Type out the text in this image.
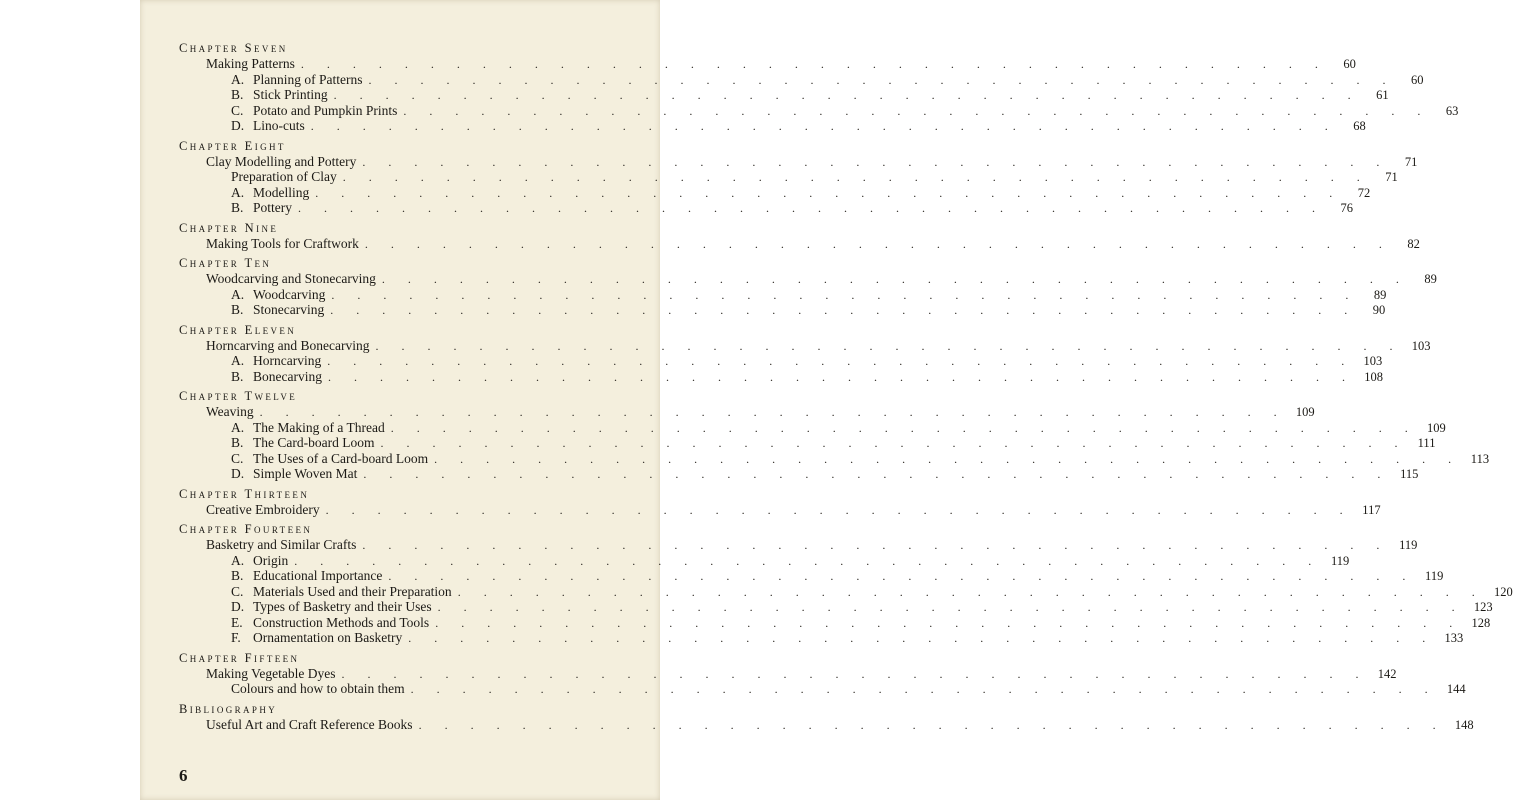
Chapter Seven
Making Patterns . . . . . . . . . . . . . . . . . . . . . . . . . . . . . . . . . . . . . . . .	60
A. Planning of Patterns . . . . . . . . . . . . . . . . . . . . . . . . . . . . . . . . . . . . . . . .	60
B. Stick Printing . . . . . . . . . . . . . . . . . . . . . . . . . . . . . . . . . . . . . . . .	61
C. Potato and Pumpkin Prints . . . . . . . . . . . . . . . . . . . . . . . . . . . . . . . . . . . . . . . .	63
D. Lino-cuts . . . . . . . . . . . . . . . . . . . . . . . . . . . . . . . . . . . . . . . .	68
Chapter Eight
Clay Modelling and Pottery . . . . . . . . . . . . . . . . . . . . . . . . . . . . . . . . . . . . . . . .	71
Preparation of Clay . . . . . . . . . . . . . . . . . . . . . . . . . . . . . . . . . . . . . . . .	71
A. Modelling . . . . . . . . . . . . . . . . . . . . . . . . . . . . . . . . . . . . . . . .	72
B. Pottery . . . . . . . . . . . . . . . . . . . . . . . . . . . . . . . . . . . . . . . .	76
Chapter Nine
Making Tools for Craftwork . . . . . . . . . . . . . . . . . . . . . . . . . . . . . . . . . . . . . . . .	82
Chapter Ten
Woodcarving and Stonecarving . . . . . . . . . . . . . . . . . . . . . . . . . . . . . . . . . . . . . . . .	89
A. Woodcarving . . . . . . . . . . . . . . . . . . . . . . . . . . . . . . . . . . . . . . . .	89
B. Stonecarving . . . . . . . . . . . . . . . . . . . . . . . . . . . . . . . . . . . . . . . .	90
Chapter Eleven
Horncarving and Bonecarving . . . . . . . . . . . . . . . . . . . . . . . . . . . . . . . . . . . . . . . . 103
A. Horncarving . . . . . . . . . . . . . . . . . . . . . . . . . . . . . . . . . . . . . . . . 103
B. Bonecarving . . . . . . . . . . . . . . . . . . . . . . . . . . . . . . . . . . . . . . . . 108
Chapter Twelve
Weaving . . . . . . . . . . . . . . . . . . . . . . . . . . . . . . . . . . . . . . . . 109
A. The Making of a Thread . . . . . . . . . . . . . . . . . . . . . . . . . . . . . . . . . . . . . . . . 109
B. The Card-board Loom . . . . . . . . . . . . . . . . . . . . . . . . . . . . . . . . . . . . . . . . 111
C. The Uses of a Card-board Loom . . . . . . . . . . . . . . . . . . . . . . . . . . . . . . . . . . . . . . . . 113
D. Simple Woven Mat . . . . . . . . . . . . . . . . . . . . . . . . . . . . . . . . . . . . . . . . 115
Chapter Thirteen
Creative Embroidery . . . . . . . . . . . . . . . . . . . . . . . . . . . . . . . . . . . . . . . . 117
Chapter Fourteen
Basketry and Similar Crafts . . . . . . . . . . . . . . . . . . . . . . . . . . . . . . . . . . . . . . . . 119
A. Origin . . . . . . . . . . . . . . . . . . . . . . . . . . . . . . . . . . . . . . . . 119
B. Educational Importance . . . . . . . . . . . . . . . . . . . . . . . . . . . . . . . . . . . . . . . . 119
C. Materials Used and their Preparation . . . . . . . . . . . . . . . . . . . . . . . . . . . . . . . . . . . . . . . . 120
D. Types of Basketry and their Uses . . . . . . . . . . . . . . . . . . . . . . . . . . . . . . . . . . . . . . . . 123
E. Construction Methods and Tools . . . . . . . . . . . . . . . . . . . . . . . . . . . . . . . . . . . . . . . . 128
F. Ornamentation on Basketry . . . . . . . . . . . . . . . . . . . . . . . . . . . . . . . . . . . . . . . . 133
Chapter Fifteen
Making Vegetable Dyes . . . . . . . . . . . . . . . . . . . . . . . . . . . . . . . . . . . . . . . . 142
Colours and how to obtain them . . . . . . . . . . . . . . . . . . . . . . . . . . . . . . . . . . . . . . . . 144
Bibliography
Useful Art and Craft Reference Books . . . . . . . . . . . . . . . . . . . . . . . . . . . . . . . . . . . . . . . . 148
6
